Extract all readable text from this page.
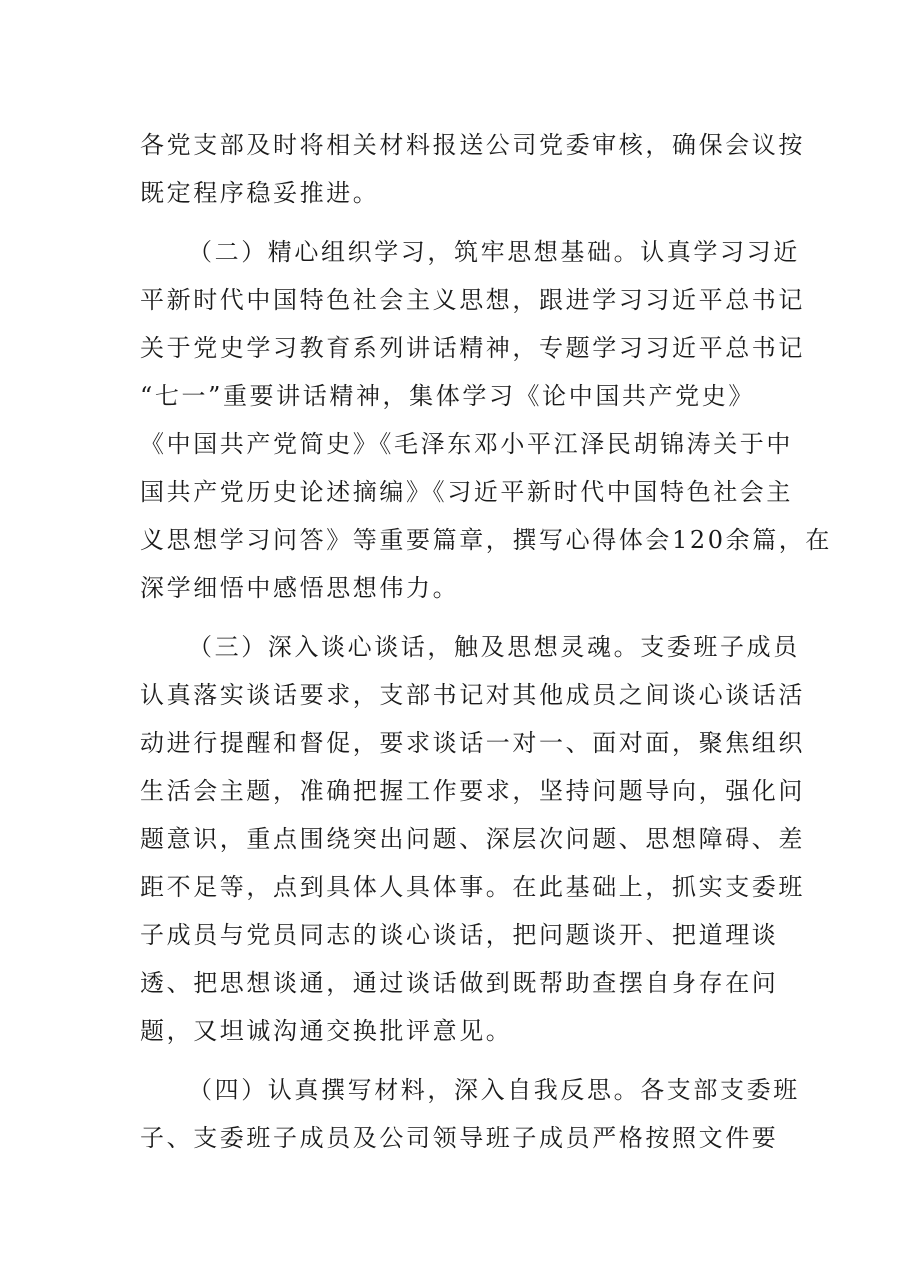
各党支部及时将相关材料报送公司党委审核，确保会议按
既定程序稳妥推进。
（二）精心组织学习，筑牢思想基础。认真学习习近
平新时代中国特色社会主义思想，跟进学习习近平总书记
关于党史学习教育系列讲话精神，专题学习习近平总书记
“七一”重要讲话精神，集体学习《论中国共产党史》
《中国共产党简史》《毛泽东邓小平江泽民胡锦涛关于中
国共产党历史论述摘编》《习近平新时代中国特色社会主
义思想学习问答》等重要篇章，撰写心得体会120余篇，在
深学细悟中感悟思想伟力。
（三）深入谈心谈话，触及思想灵魂。支委班子成员
认真落实谈话要求，支部书记对其他成员之间谈心谈话活
动进行提醒和督促，要求谈话一对一、面对面，聚焦组织
生活会主题，准确把握工作要求，坚持问题导向，强化问
题意识，重点围绕突出问题、深层次问题、思想障碍、差
距不足等，点到具体人具体事。在此基础上，抓实支委班
子成员与党员同志的谈心谈话，把问题谈开、把道理谈
透、把思想谈通，通过谈话做到既帮助查摆自身存在问
题，又坦诚沟通交换批评意见。
（四）认真撰写材料，深入自我反思。各支部支委班
子、支委班子成员及公司领导班子成员严格按照文件要
